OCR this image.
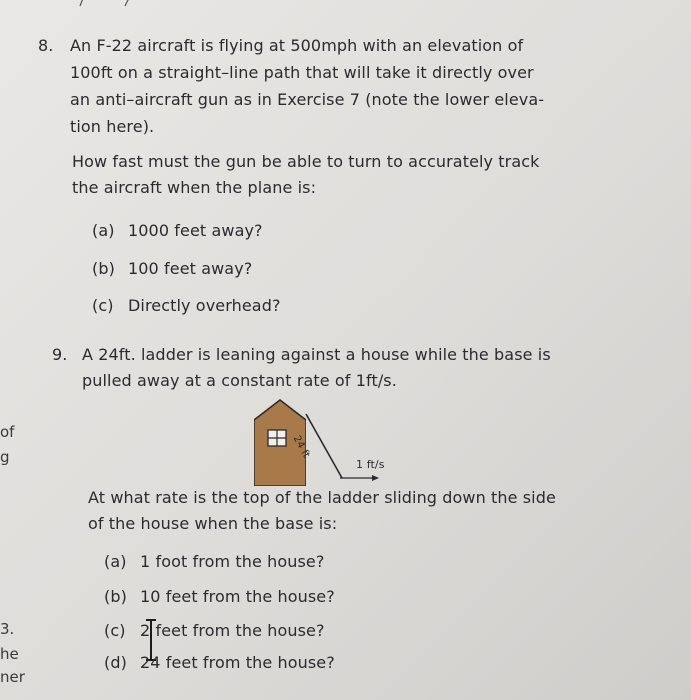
of
g
3.
he
ner
8. An F-22 aircraft is flying at 500mph with an elevation of
100ft on a straight–line path that will take it directly over
an anti–aircraft gun as in Exercise 7 (note the lower eleva-
tion here).
How fast must the gun be able to turn to accurately track
the aircraft when the plane is:
(a) 1000 feet away?
(b) 100 feet away?
(c) Directly overhead?
9. A 24ft. ladder is leaning against a house while the base is
pulled away at a constant rate of 1ft/s.
24 ft
1 ft/s
At what rate is the top of the ladder sliding down the side
of the house when the base is:
(a) 1 foot from the house?
(b) 10 feet from the house?
(c) 2 feet from the house?
(d) 24 feet from the house?
